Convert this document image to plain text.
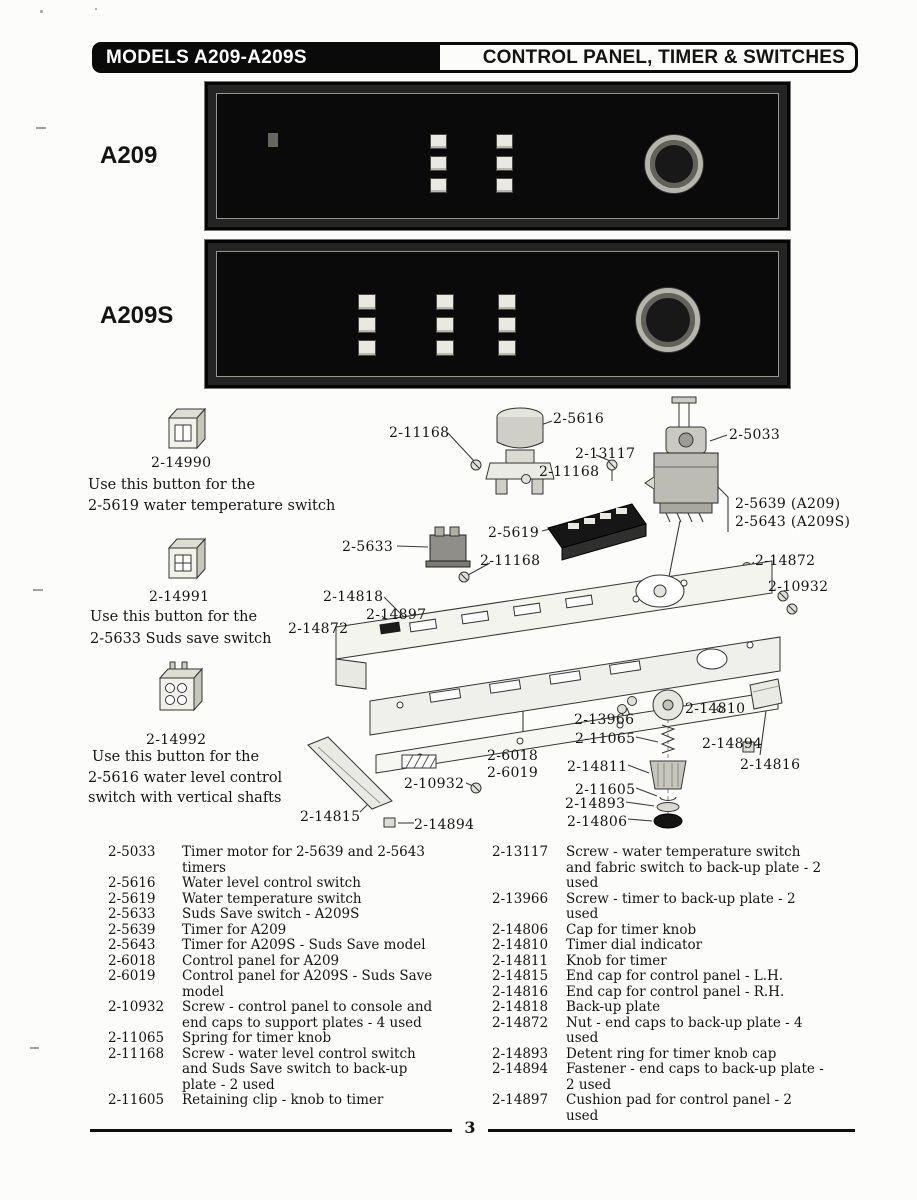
MODELS A209-A209S	CONTROL PANEL, TIMER & SWITCHES
A209
A209S
2-14990
Use this button for the
2-5619 water temperature switch
2-14991
Use this button for the
2-5633 Suds save switch
2-14992
Use this button for the
2-5616 water level control
switch with vertical shafts
2-5616
2-11168
2-13117
2-5033
2-11168
2-5639 (A209)
2-5643 (A209S)
2-5619
2-5633
2-11168	2-14872
2-10932
2-14818
2-14897
2-14872
2-14810
2-13966
2-11065	2-14894
2-6018
2-6019 2-14811	2-14816
2-11605
2-10932
2-14893
2-14806
2-14815	2-14894
2-5033	Timer motor for 2-5639 and 2-5643 timers
2-5616	Water level control switch
2-5619	Water temperature switch
2-5633	Suds Save switch - A209S
2-5639	Timer for A209
2-5643	Timer for A209S - Suds Save model
2-6018	Control panel for A209
2-6019	Control panel for A209S - Suds Save model
2-10932	Screw - control panel to console and end caps to support plates - 4 used
2-11065	Spring for timer knob
2-11168	Screw - water level control switch and Suds Save switch to back-up plate - 2 used
2-11605	Retaining clip - knob to timer
2-13117	Screw - water temperature switch and fabric switch to back-up plate - 2 used
2-13966	Screw - timer to back-up plate - 2 used
2-14806	Cap for timer knob
2-14810	Timer dial indicator
2-14811	Knob for timer
2-14815	End cap for control panel - L.H.
2-14816	End cap for control panel - R.H.
2-14818	Back-up plate
2-14872	Nut - end caps to back-up plate - 4 used
2-14893	Detent ring for timer knob cap
2-14894	Fastener - end caps to back-up plate - 2 used
2-14897	Cushion pad for control panel - 2 used
3
